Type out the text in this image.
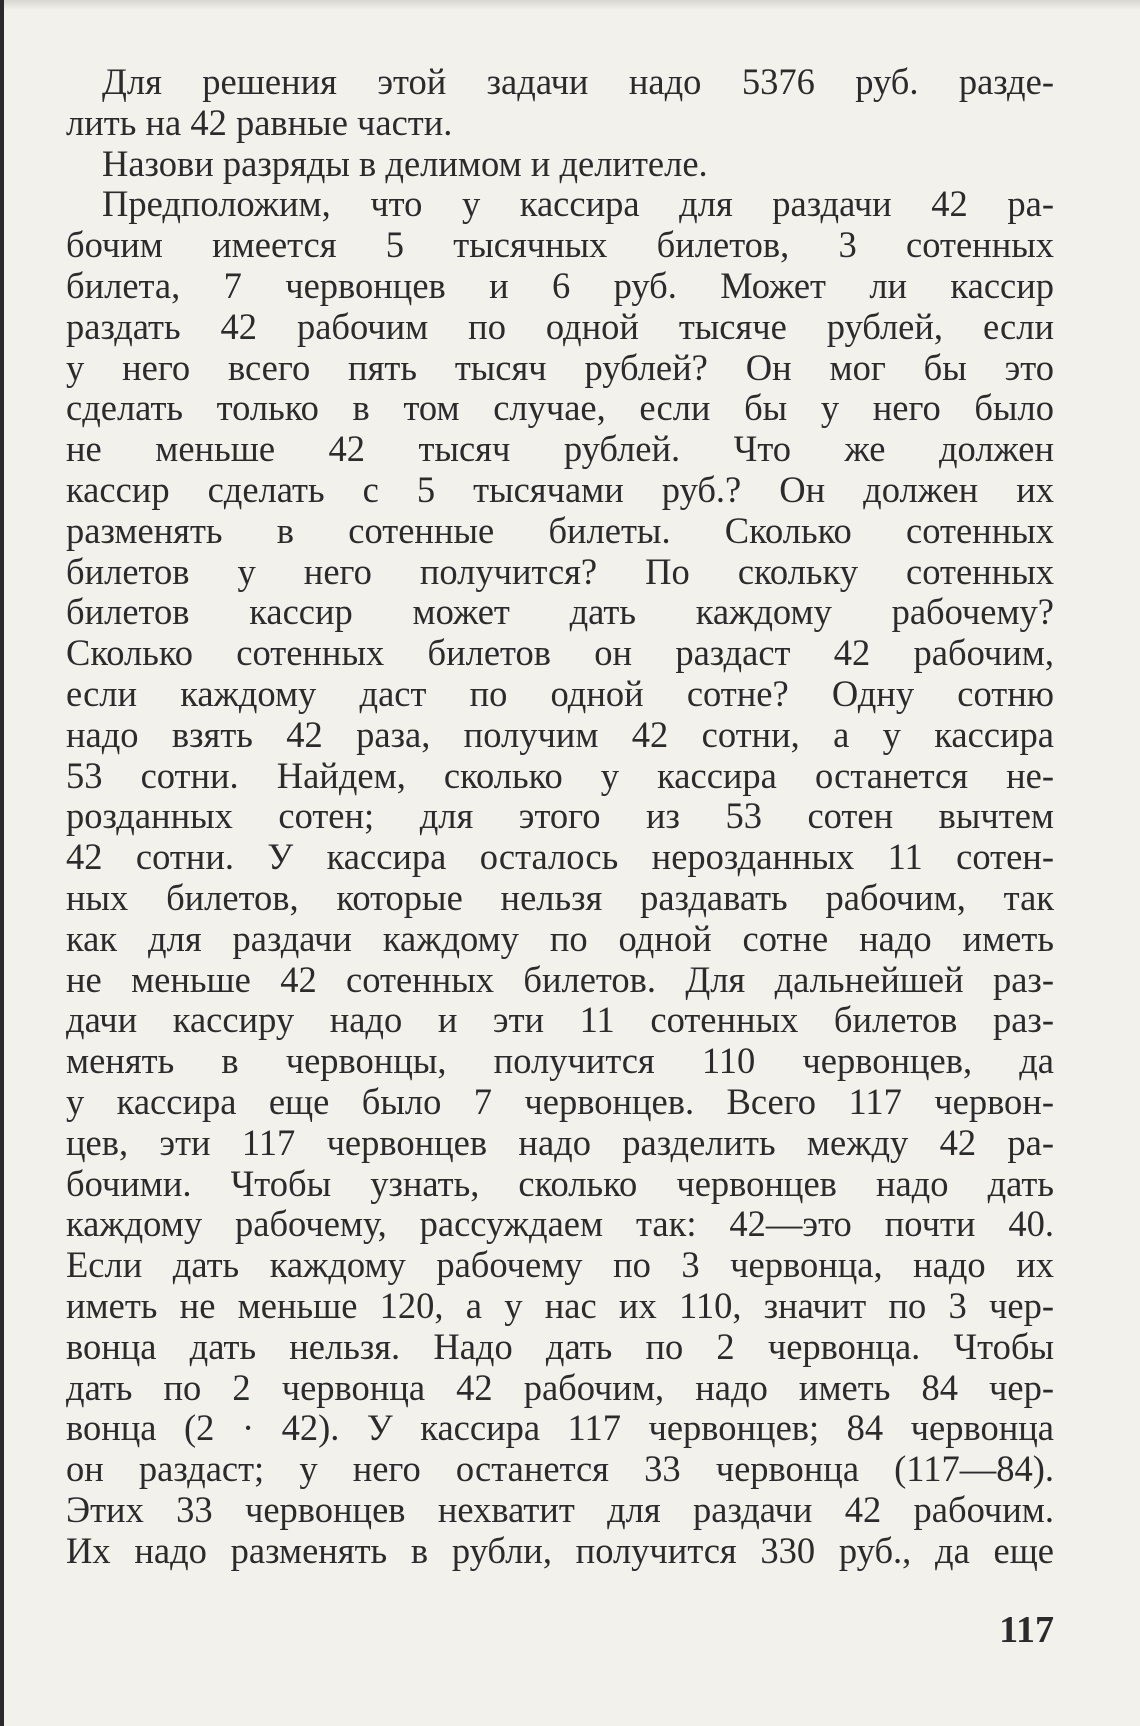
Для решения этой задачи надо 5376 руб. разде-
лить на 42 равные части.
Назови разряды в делимом и делителе.
Предположим, что у кассира для раздачи 42 ра-
бочим имеется 5 тысячных билетов, 3 сотенных
билета, 7 червонцев и 6 руб. Может ли кассир
раздать 42 рабочим по одной тысяче рублей, если
у него всего пять тысяч рублей? Он мог бы это
сделать только в том случае, если бы у него было
не меньше 42 тысяч рублей. Что же должен
кассир сделать с 5 тысячами руб.? Он должен их
разменять в сотенные билеты. Сколько сотенных
билетов у него получится? По скольку сотенных
билетов кассир может дать каждому рабочему?
Сколько сотенных билетов он раздаст 42 рабочим,
если каждому даст по одной сотне? Одну сотню
надо взять 42 раза, получим 42 сотни, а у кассира
53 сотни. Найдем, сколько у кассира останется не-
розданных сотен; для этого из 53 сотен вычтем
42 сотни. У кассира осталось нерозданных 11 сотен-
ных билетов, которые нельзя раздавать рабочим, так
как для раздачи каждому по одной сотне надо иметь
не меньше 42 сотенных билетов. Для дальнейшей раз-
дачи кассиру надо и эти 11 сотенных билетов раз-
менять в червонцы, получится 110 червонцев, да
у кассира еще было 7 червонцев. Всего 117 червон-
цев, эти 117 червонцев надо разделить между 42 ра-
бочими. Чтобы узнать, сколько червонцев надо дать
каждому рабочему, рассуждаем так: 42—это почти 40.
Если дать каждому рабочему по 3 червонца, надо их
иметь не меньше 120, а у нас их 110, значит по 3 чер-
вонца дать нельзя. Надо дать по 2 червонца. Чтобы
дать по 2 червонца 42 рабочим, надо иметь 84 чер-
вонца (2 · 42). У кассира 117 червонцев; 84 червонца
он раздаст; у него останется 33 червонца (117—84).
Этих 33 червонцев нехватит для раздачи 42 рабочим.
Их надо разменять в рубли, получится 330 руб., да еще
117
